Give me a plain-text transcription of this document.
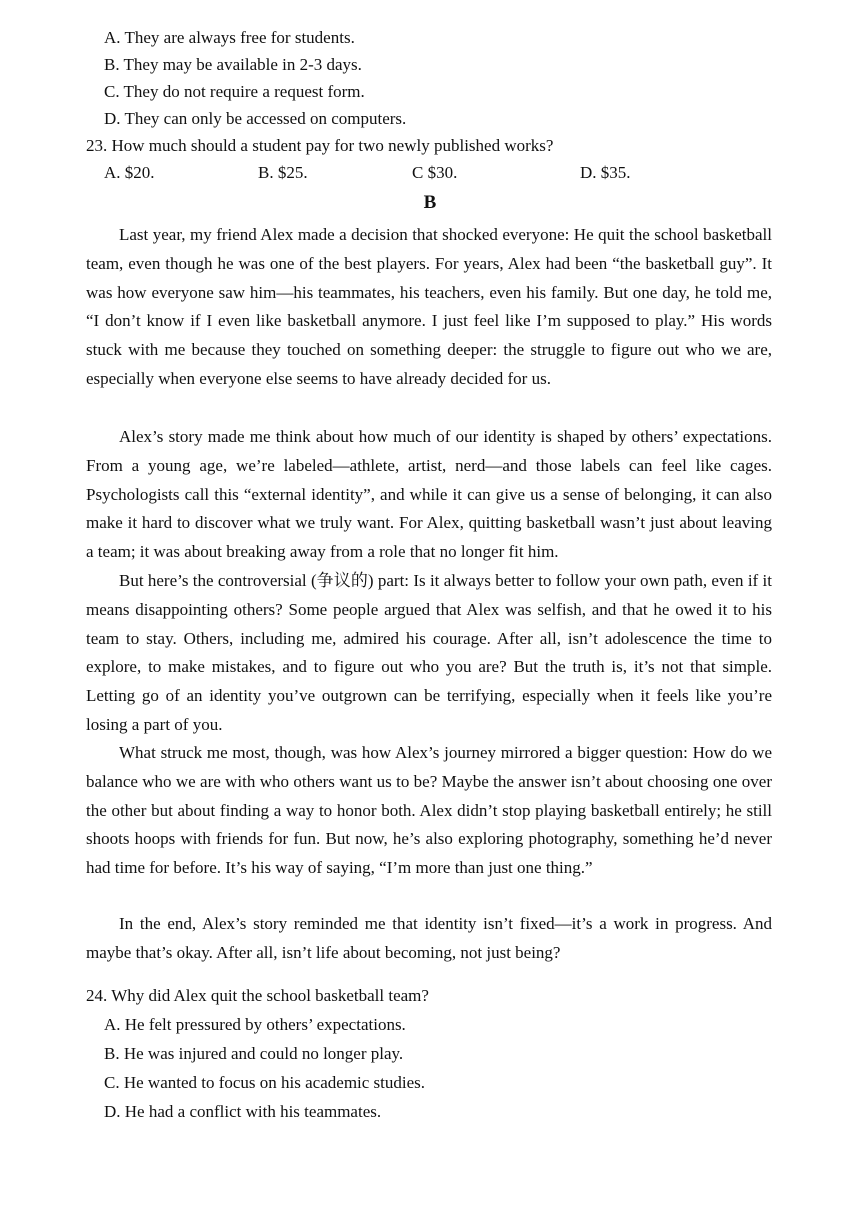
A. They are always free for students.
B. They may be available in 2-3 days.
C. They do not require a request form.
D. They can only be accessed on computers.
23. How much should a student pay for two newly published works?
A. $20.	B. $25.	C $30.	D. $35.
B

Last year, my friend Alex made a decision that shocked everyone: He quit the school basketball team, even though he was one of the best players. For years, Alex had been “the basketball guy”. It was how everyone saw him—his teammates, his teachers, even his family. But one day, he told me, “I don’t know if I even like basketball anymore. I just feel like I’m supposed to play.” His words stuck with me because they touched on something deeper: the struggle to figure out who we are, especially when everyone else seems to have already decided for us.

Alex’s story made me think about how much of our identity is shaped by others’ expectations. From a young age, we’re labeled—athlete, artist, nerd—and those labels can feel like cages. Psychologists call this “external identity”, and while it can give us a sense of belonging, it can also make it hard to discover what we truly want. For Alex, quitting basketball wasn’t just about leaving a team; it was about breaking away from a role that no longer fit him.

But here’s the controversial (争议的) part: Is it always better to follow your own path, even if it means disappointing others? Some people argued that Alex was selfish, and that he owed it to his team to stay. Others, including me, admired his courage. After all, isn’t adolescence the time to explore, to make mistakes, and to figure out who you are? But the truth is, it’s not that simple. Letting go of an identity you’ve outgrown can be terrifying, especially when it feels like you’re losing a part of you.

What struck me most, though, was how Alex’s journey mirrored a bigger question: How do we balance who we are with who others want us to be? Maybe the answer isn’t about choosing one over the other but about finding a way to honor both. Alex didn’t stop playing basketball entirely; he still shoots hoops with friends for fun. But now, he’s also exploring photography, something he’d never had time for before. It’s his way of saying, “I’m more than just one thing.”

In the end, Alex’s story reminded me that identity isn’t fixed—it’s a work in progress. And maybe that’s okay. After all, isn’t life about becoming, not just being?

24. Why did Alex quit the school basketball team?
A. He felt pressured by others’ expectations.
B. He was injured and could no longer play.
C. He wanted to focus on his academic studies.
D. He had a conflict with his teammates.
